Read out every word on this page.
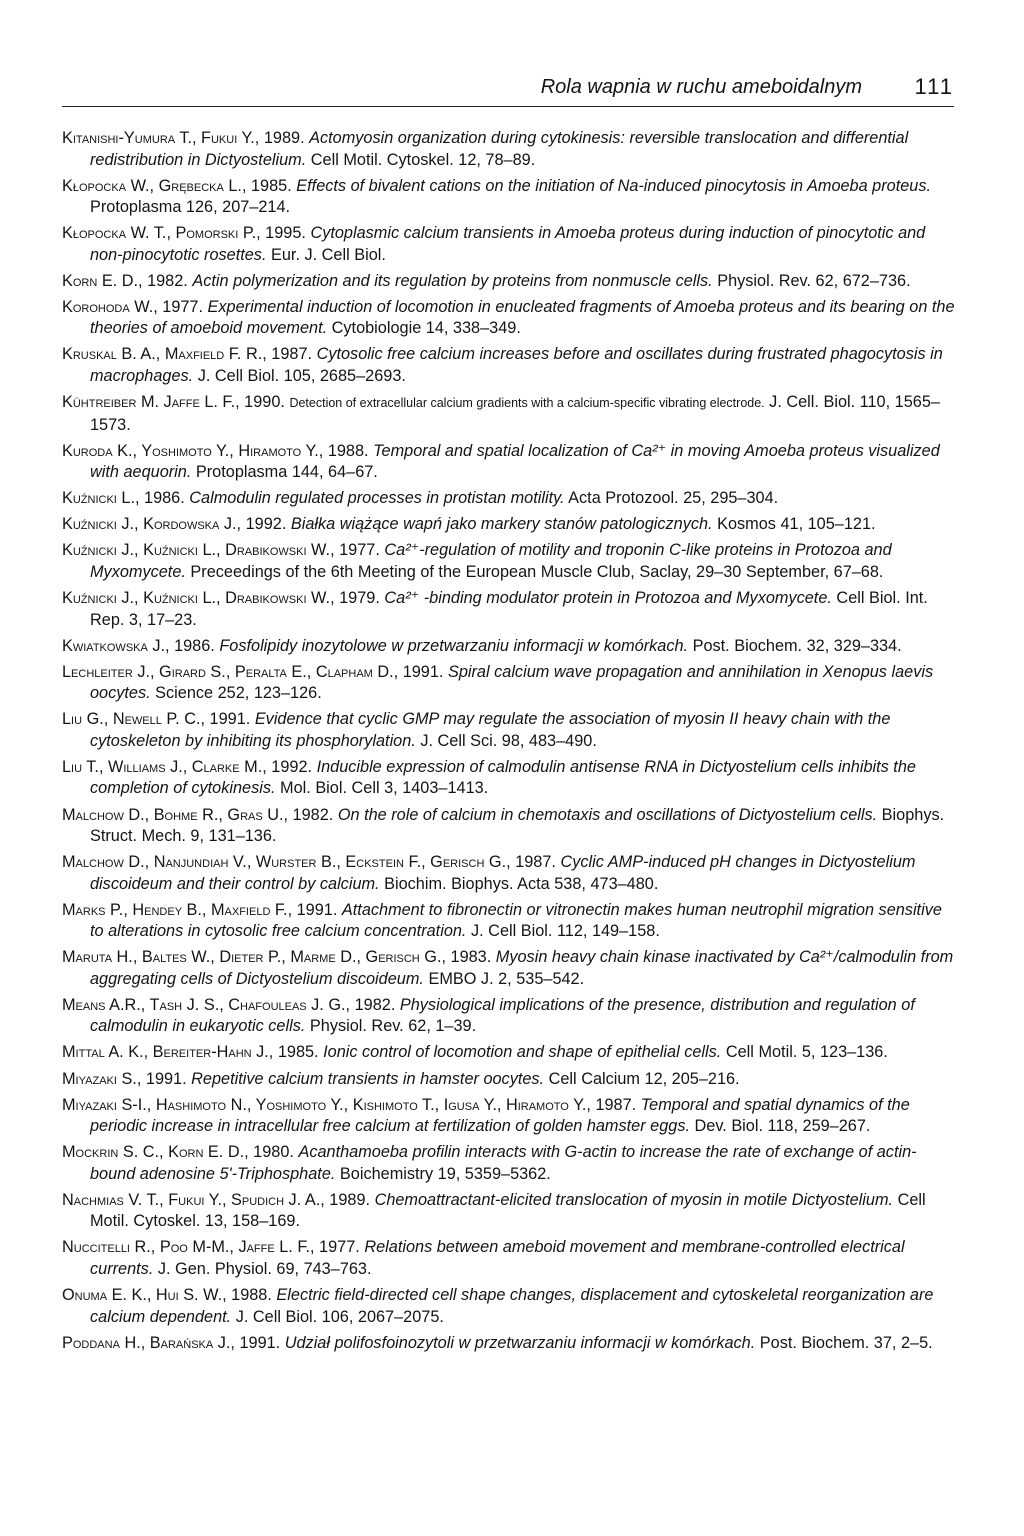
Rola wapnia w ruchu ameboidalnym 111
Kitanishi-Yumura T., Fukui Y., 1989. Actomyosin organization during cytokinesis: reversible translocation and differential redistribution in Dictyostelium. Cell Motil. Cytoskel. 12, 78–89.
Kłopocka W., Grębecka L., 1985. Effects of bivalent cations on the initiation of Na-induced pinocytosis in Amoeba proteus. Protoplasma 126, 207–214.
Kłopocka W. T., Pomorski P., 1995. Cytoplasmic calcium transients in Amoeba proteus during induction of pinocytotic and non-pinocytotic rosettes. Eur. J. Cell Biol.
Korn E. D., 1982. Actin polymerization and its regulation by proteins from nonmuscle cells. Physiol. Rev. 62, 672–736.
Korohoda W., 1977. Experimental induction of locomotion in enucleated fragments of Amoeba proteus and its bearing on the theories of amoeboid movement. Cytobiologie 14, 338–349.
Kruskal B. A., Maxfield F. R., 1987. Cytosolic free calcium increases before and oscillates during frustrated phagocytosis in macrophages. J. Cell Biol. 105, 2685–2693.
Kühtreiber M. Jaffe L. F., 1990. Detection of extracellular calcium gradients with a calcium-specific vibrating electrode. J. Cell. Biol. 110, 1565–1573.
Kuroda K., Yoshimoto Y., Hiramoto Y., 1988. Temporal and spatial localization of Ca²⁺ in moving Amoeba proteus visualized with aequorin. Protoplasma 144, 64–67.
Kuźnicki L., 1986. Calmodulin regulated processes in protistan motility. Acta Protozool. 25, 295–304.
Kuźnicki J., Kordowska J., 1992. Białka wiążące wapń jako markery stanów patologicznych. Kosmos 41, 105–121.
Kuźnicki J., Kuźnicki L., Drabikowski W., 1977. Ca²⁺-regulation of motility and troponin C-like proteins in Protozoa and Myxomycete. Preceedings of the 6th Meeting of the European Muscle Club, Saclay, 29–30 September, 67–68.
Kuźnicki J., Kuźnicki L., Drabikowski W., 1979. Ca²⁺ -binding modulator protein in Protozoa and Myxomycete. Cell Biol. Int. Rep. 3, 17–23.
Kwiatkowska J., 1986. Fosfolipidy inozytolowe w przetwarzaniu informacji w komórkach. Post. Biochem. 32, 329–334.
Lechleiter J., Girard S., Peralta E., Clapham D., 1991. Spiral calcium wave propagation and annihilation in Xenopus laevis oocytes. Science 252, 123–126.
Liu G., Newell P. C., 1991. Evidence that cyclic GMP may regulate the association of myosin II heavy chain with the cytoskeleton by inhibiting its phosphorylation. J. Cell Sci. 98, 483–490.
Liu T., Williams J., Clarke M., 1992. Inducible expression of calmodulin antisense RNA in Dictyostelium cells inhibits the completion of cytokinesis. Mol. Biol. Cell 3, 1403–1413.
Malchow D., Bohme R., Gras U., 1982. On the role of calcium in chemotaxis and oscillations of Dictyostelium cells. Biophys. Struct. Mech. 9, 131–136.
Malchow D., Nanjundiah V., Wurster B., Eckstein F., Gerisch G., 1987. Cyclic AMP-induced pH changes in Dictyostelium discoideum and their control by calcium. Biochim. Biophys. Acta 538, 473–480.
Marks P., Hendey B., Maxfield F., 1991. Attachment to fibronectin or vitronectin makes human neutrophil migration sensitive to alterations in cytosolic free calcium concentration. J. Cell Biol. 112, 149–158.
Maruta H., Baltes W., Dieter P., Marme D., Gerisch G., 1983. Myosin heavy chain kinase inactivated by Ca²⁺/calmodulin from aggregating cells of Dictyostelium discoideum. EMBO J. 2, 535–542.
Means A.R., Tash J. S., Chafouleas J. G., 1982. Physiological implications of the presence, distribution and regulation of calmodulin in eukaryotic cells. Physiol. Rev. 62, 1–39.
Mittal A. K., Bereiter-Hahn J., 1985. Ionic control of locomotion and shape of epithelial cells. Cell Motil. 5, 123–136.
Miyazaki S., 1991. Repetitive calcium transients in hamster oocytes. Cell Calcium 12, 205–216.
Miyazaki S-I., Hashimoto N., Yoshimoto Y., Kishimoto T., Igusa Y., Hiramoto Y., 1987. Temporal and spatial dynamics of the periodic increase in intracellular free calcium at fertilization of golden hamster eggs. Dev. Biol. 118, 259–267.
Mockrin S. C., Korn E. D., 1980. Acanthamoeba profilin interacts with G-actin to increase the rate of exchange of actin-bound adenosine 5'-Triphosphate. Boichemistry 19, 5359–5362.
Nachmias V. T., Fukui Y., Spudich J. A., 1989. Chemoattractant-elicited translocation of myosin in motile Dictyostelium. Cell Motil. Cytoskel. 13, 158–169.
Nuccitelli R., Poo M-M., Jaffe L. F., 1977. Relations between ameboid movement and membrane-controlled electrical currents. J. Gen. Physiol. 69, 743–763.
Onuma E. K., Hui S. W., 1988. Electric field-directed cell shape changes, displacement and cytoskeletal reorganization are calcium dependent. J. Cell Biol. 106, 2067–2075.
Poddana H., Barańska J., 1991. Udział polifosfoinozytoli w przetwarzaniu informacji w komórkach. Post. Biochem. 37, 2–5.
